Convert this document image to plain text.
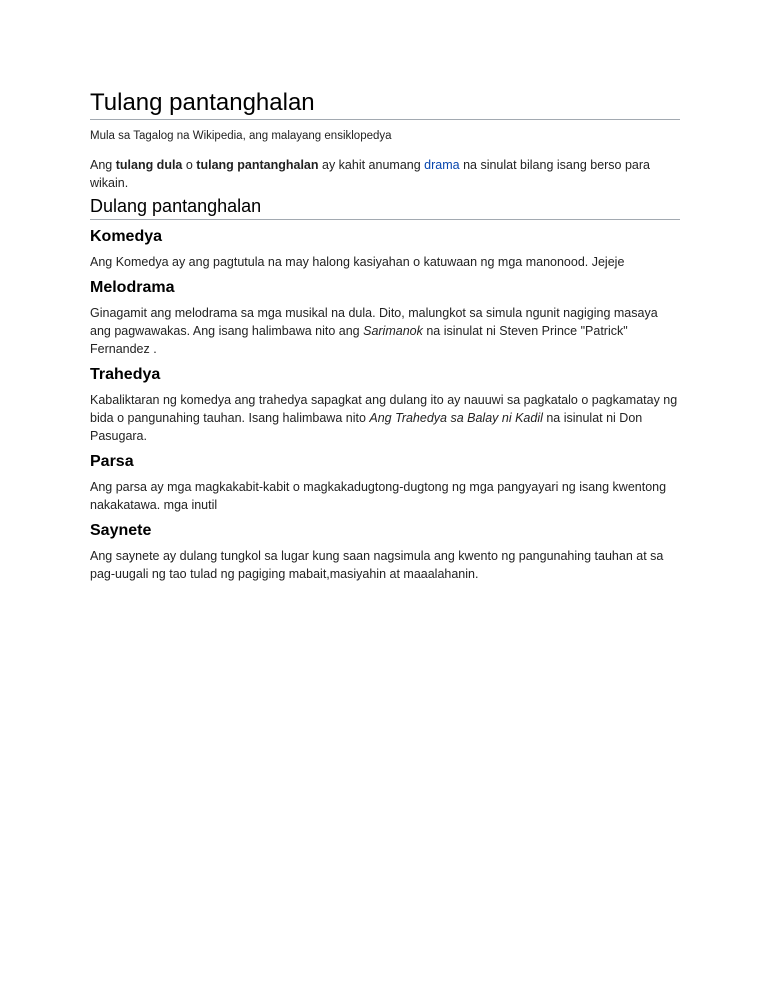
Tulang pantanghalan
Mula sa Tagalog na Wikipedia, ang malayang ensiklopedya

Ang tulang dula o tulang pantanghalan ay kahit anumang drama na sinulat bilang isang berso para wikain.

Dulang pantanghalan
Komedya

Ang Komedya ay ang pagtutula na may halong kasiyahan o katuwaan ng mga manonood. Jejeje

Melodrama

Ginagamit ang melodrama sa mga musikal na dula. Dito, malungkot sa simula ngunit nagiging masaya ang pagwawakas. Ang isang halimbawa nito ang Sarimanok na isinulat ni Steven Prince "Patrick" Fernandez .

Trahedya

Kabaliktaran ng komedya ang trahedya sapagkat ang dulang ito ay nauuwi sa pagkatalo o pagkamatay ng bida o pangunahing tauhan. Isang halimbawa nito Ang Trahedya sa Balay ni Kadil na isinulat ni Don Pasugara.

Parsa

Ang parsa ay mga magkakabit-kabit o magkakadugtong-dugtong ng mga pangyayari ng isang kwentong nakakatawa. mga inutil

Saynete

Ang saynete ay dulang tungkol sa lugar kung saan nagsimula ang kwento ng pangunahing tauhan at sa pag-uugali ng tao tulad ng pagiging mabait,masiyahin at maaalahanin.
